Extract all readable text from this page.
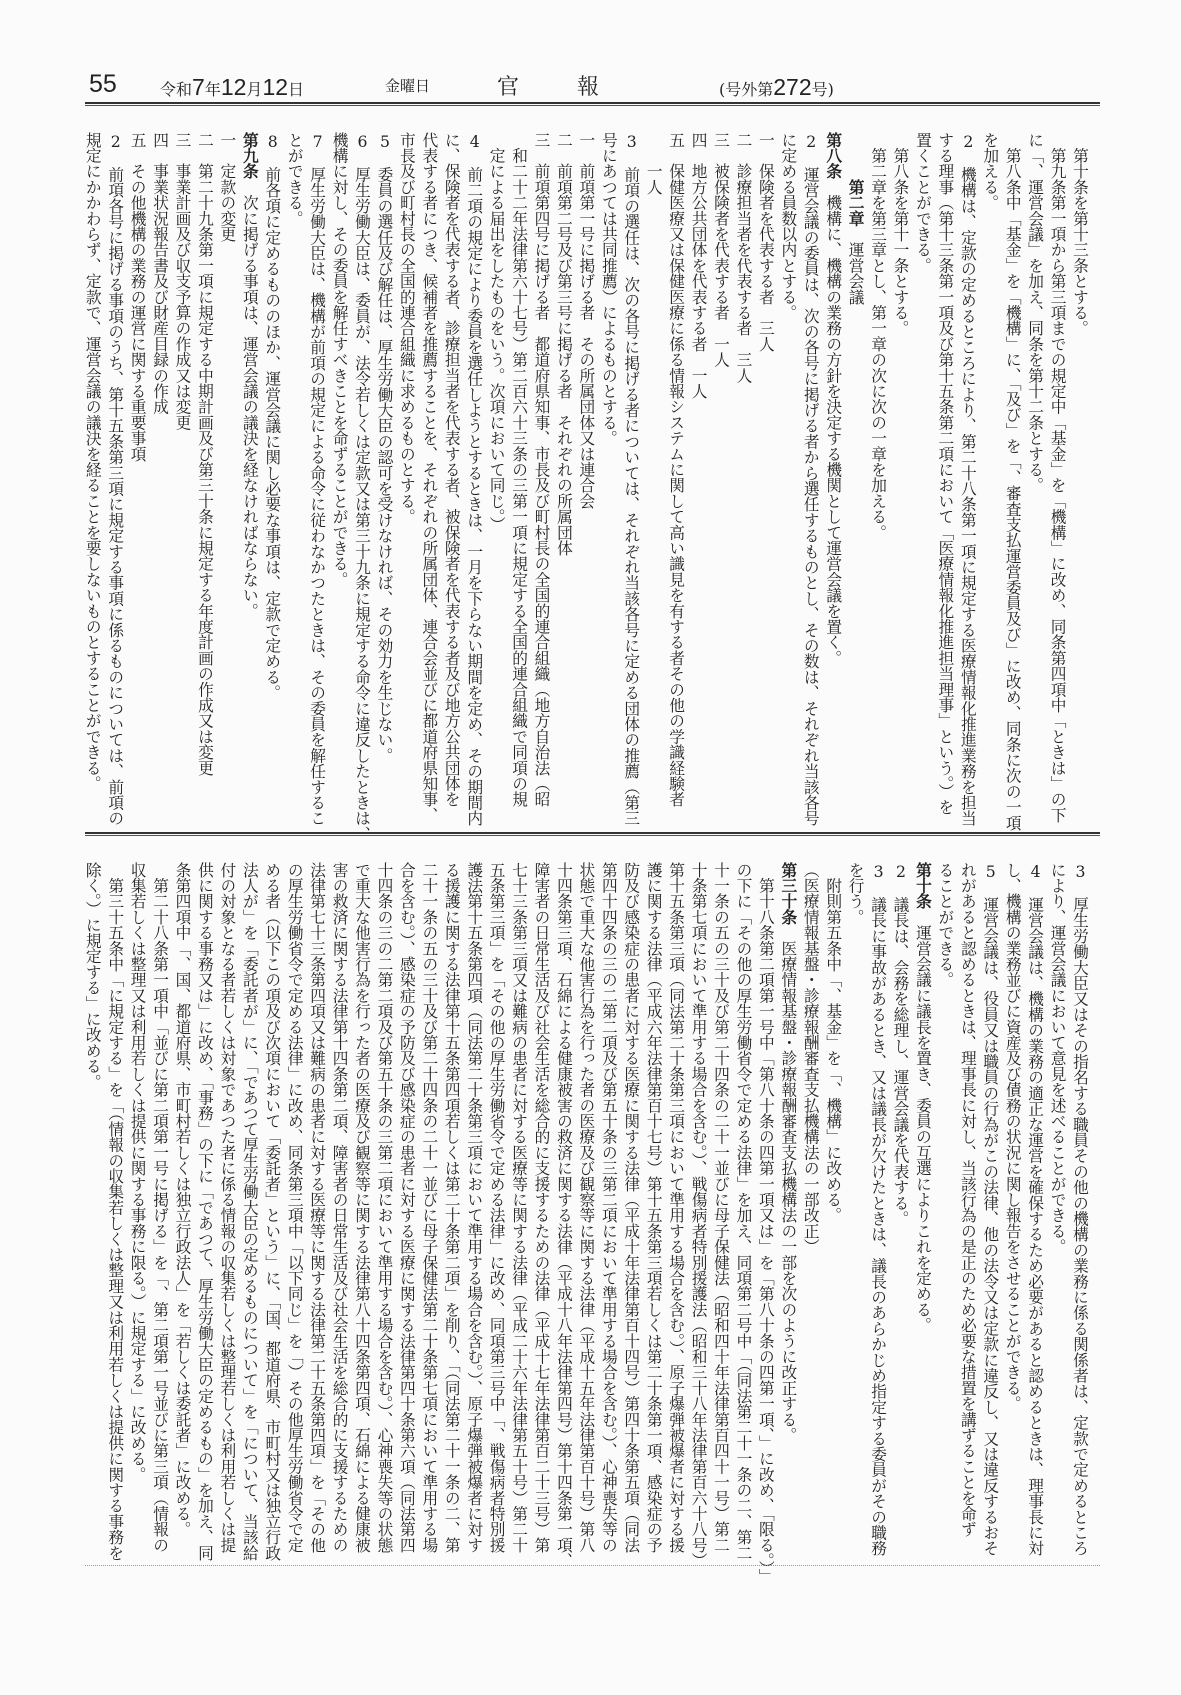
55	令和7年12月12日	金曜日	官	報	(号外第272号)
　第十条を第十三条とする。
　第九条第一項から第三項までの規定中「基金」を「機構」に改め、同条第四項中「ときは」の下
に「、運営会議」を加え、同条を第十二条とする。
　第八条中「基金」を「機構」に、「及び」を「、審査支払運営委員及び」に改め、同条に次の一項
を加える。
2　機構は、定款の定めるところにより、第二十八条第一項に規定する医療情報化推進業務を担当
する理事（第十三条第一項及び第十五条第二項において「医療情報化推進担当理事」という。）を
置くことができる。
　第八条を第十一条とする。
　第二章を第三章とし、第一章の次に次の一章を加える。
　　　第二章　運営会議
第八条　機構に、機構の業務の方針を決定する機関として運営会議を置く。
2　運営会議の委員は、次の各号に掲げる者から選任するものとし、その数は、それぞれ当該各号
に定める員数以内とする。
一　保険者を代表する者　三人
二　診療担当者を代表する者　三人
三　被保険者を代表する者　一人
四　地方公共団体を代表する者　一人
五　保健医療又は保健医療に係る情報システムに関して高い識見を有する者その他の学識経験者
　　一人
3　前項の選任は、次の各号に掲げる者については、それぞれ当該各号に定める団体の推薦（第三
号にあつては共同推薦）によるものとする。
一　前項第一号に掲げる者　その所属団体又は連合会
二　前項第二号及び第三号に掲げる者　それぞれの所属団体
三　前項第四号に掲げる者　都道府県知事、市長及び町村長の全国的連合組織（地方自治法（昭
　和二十二年法律第六十七号）第二百六十三条の三第一項に規定する全国的連合組織で同項の規
　定による届出をしたものをいう。次項において同じ。）
4　前二項の規定により委員を選任しようとするときは、一月を下らない期間を定め、その期間内
に、保険者を代表する者、診療担当者を代表する者、被保険者を代表する者及び地方公共団体を
代表する者につき、候補者を推薦することを、それぞれの所属団体、連合会並びに都道府県知事、
市長及び町村長の全国的連合組織に求めるものとする。
5　委員の選任及び解任は、厚生労働大臣の認可を受けなければ、その効力を生じない。
6　厚生労働大臣は、委員が、法令若しくは定款又は第三十九条に規定する命令に違反したときは、
機構に対し、その委員を解任すべきことを命ずることができる。
7　厚生労働大臣は、機構が前項の規定による命令に従わなかつたときは、その委員を解任するこ
とができる。
8　前各項に定めるもののほか、運営会議に関し必要な事項は、定款で定める。
第九条　次に掲げる事項は、運営会議の議決を経なければならない。
一　定款の変更
二　第二十九条第一項に規定する中期計画及び第三十条に規定する年度計画の作成又は変更
三　事業計画及び収支予算の作成又は変更
四　事業状況報告書及び財産目録の作成
五　その他機構の業務の運営に関する重要事項
2　前項各号に掲げる事項のうち、第十五条第三項に規定する事項に係るものについては、前項の
規定にかかわらず、定款で、運営会議の議決を経ることを要しないものとすることができる。
3　厚生労働大臣又はその指名する職員その他の機構の業務に係る関係者は、定款で定めるところ
により、運営会議において意見を述べることができる。
4　運営会議は、機構の業務の適正な運営を確保するため必要があると認めるときは、理事長に対
し、機構の業務並びに資産及び債務の状況に関し報告をさせることができる。
5　運営会議は、役員又は職員の行為がこの法律、他の法令又は定款に違反し、又は違反するおそ
れがあると認めるときは、理事長に対し、当該行為の是正のため必要な措置を講ずることを命ず
ることができる。
第十条　運営会議に議長を置き、委員の互選によりこれを定める。
2　議長は、会務を総理し、運営会議を代表する。
3　議長に事故があるとき、又は議長が欠けたときは、議長のあらかじめ指定する委員がその職務
を行う。
　附則第五条中「、基金」を「、機構」に改める。
（医療情報基盤・診療報酬審査支払機構法の一部改正）
第三十条　医療情報基盤・診療報酬審査支払機構法の一部を次のように改正する。
　第十八条第二項第一号中「第八十条の四第一項又は」を「第八十条の四第一項、」に改め、「限る。）」
の下に「その他の厚生労働省令で定める法律」を加え、同項第二号中「（同法第二十一条の二、第二
十一条の五の三十及び第二十四条の二十一並びに母子保健法（昭和四十年法律第百四十一号）第二
十条第七項において準用する場合を含む。）、戦傷病者特別援護法（昭和三十八年法律第百六十八号）
第十五条第三項（同法第二十条第三項において準用する場合を含む。）、原子爆弾被爆者に対する援
護に関する法律（平成六年法律第百十七号）第十五条第三項若しくは第二十条第一項、感染症の予
防及び感染症の患者に対する医療に関する法律（平成十年法律第百十四号）第四十条第五項（同法
第四十四条の三の二第二項及び第五十条の三第二項において準用する場合を含む。）、心神喪失等の
状態で重大な他害行為を行った者の医療及び観察等に関する法律（平成十五年法律第百十号）第八
十四条第三項、石綿による健康被害の救済に関する法律（平成十八年法律第四号）第十四条第一項、
障害者の日常生活及び社会生活を総合的に支援するための法律（平成十七年法律第百二十三号）第
七十三条第三項又は難病の患者に対する医療等に関する法律（平成二十六年法律第五十号）第二十
五条第三項」を「その他の厚生労働省令で定める法律」に改め、同項第三号中「、戦傷病者特別援
護法第十五条第四項（同法第二十条第三項において準用する場合を含む。）、原子爆弾被爆者に対す
る援護に関する法律第十五条第四項若しくは第二十条第二項」を削り、「（同法第二十一条の二、第
二十一条の五の三十及び第二十四条の二十一並びに母子保健法第二十条第七項において準用する場
合を含む。）、感染症の予防及び感染症の患者に対する医療に関する法律第四十条第六項（同法第四
十四条の三の二第二項及び第五十条の三第二項において準用する場合を含む。）、心神喪失等の状態
で重大な他害行為を行った者の医療及び観察等に関する法律第八十四条第四項、石綿による健康被
害の救済に関する法律第十四条第二項、障害者の日常生活及び社会生活を総合的に支援するための
法律第七十三条第四項又は難病の患者に対する医療等に関する法律第二十五条第四項」を「その他
の厚生労働省令で定める法律」に改め、同条第三項中「以下同じ」を「）その他厚生労働省令で定
める者（以下この項及び次項において「委託者」という」に、「国、都道府県、市町村又は独立行政
法人が」を「委託者が」に、「であつて厚生労働大臣の定めるものについて」を「について、当該給
付の対象となる者若しくは対象であつた者に係る情報の収集若しくは整理若しくは利用若しくは提
供に関する事務又は」に改め、「事務」の下に「であつて、厚生労働大臣の定めるもの」を加え、同
条第四項中「、国、都道府県、市町村若しくは独立行政法人」を「若しくは委託者」に改める。
　第二十八条第一項中「並びに第二項第一号に掲げる」を「、第二項第一号並びに第三項（情報の
収集若しくは整理又は利用若しくは提供に関する事務に限る。）に規定する」に改める。
　第三十五条中「に規定する」を「（情報の収集若しくは整理又は利用若しくは提供に関する事務を
除く。）に規定する」に改める。
